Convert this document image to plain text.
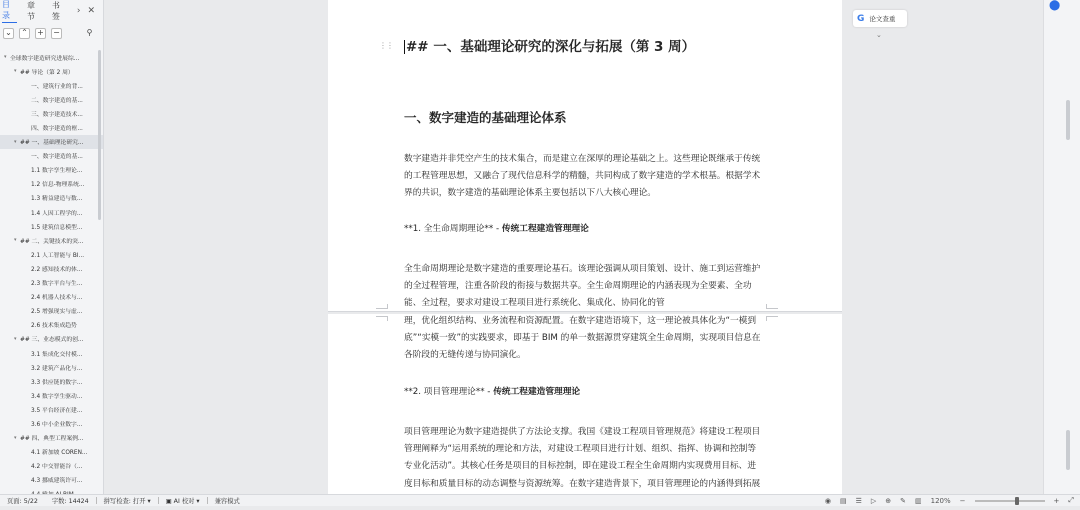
目录
章节
书签
› ✕
⌄ ⌃ + −	⚲
▾ 全球数字建造研究进展综...
▾ ## 导论（第 2 周）
一、建筑行业的背...
二、数字建造的基...
三、数字建造技术...
四、数字建造的框...
▾ ## 一、基础理论研究...
一、数字建造的基...
1.1 数字孪生理论...
1.2 信息-物理系统...
1.3 精益建造与数...
1.4 人因工程学的...
1.5 建筑信息模型...
▾ ## 二、关键技术的突...
2.1 人工智能与 BI...
2.2 感知技术的体...
2.3 数字平台与生...
2.4 机器人技术与...
2.5 增强现实与虚...
2.6 技术集成趋势
▾ ## 三、业态模式的创...
3.1 集成化交付模...
3.2 建筑产品化与...
3.3 供应链的数字...
3.4 数字孪生驱动...
3.5 平台经济在建...
3.6 中小企业数字...
▾ ## 四、典型工程案例...
4.1 新加坡 COREN...
4.2 中交智能谷（...
4.3 挪威建筑许可...
⋮⋮ ## 一、基础理论研究的深化与拓展（第 3 周）
一、数字建造的基础理论体系
数字建造并非凭空产生的技术集合，而是建立在深厚的理论基础之上。这些理论既继承于传统的工程管理思想，又融合了现代信息科学的精髓，共同构成了数字建造的学术根基。根据学术界的共识，数字建造的基础理论体系主要包括以下八大核心理论。
**1. 全生命周期理论** - 传统工程建造管理理论
全生命周期理论是数字建造的重要理论基石。该理论强调从项目策划、设计、施工到运营维护的全过程管理，注重各阶段的衔接与数据共享。全生命周期理论的内涵表现为全要素、全功能、全过程，要求对建设工程项目进行系统化、集成化、协同化的管
理，优化组织结构、业务流程和资源配置。在数字建造语境下，这一理论被具体化为“一模到底”“实模一致”的实践要求，即基于 BIM 的单一数据源贯穿建筑全生命周期，实现项目信息在各阶段的无缝传递与协同演化。
**2. 项目管理理论** - 传统工程建造管理理论
项目管理理论为数字建造提供了方法论支撑。我国《建设工程项目管理规范》将建设工程项目管理阐释为“运用系统的理论和方法，对建设工程项目进行计划、组织、指挥、协调和控制等专业化活动”。其核心任务是项目的目标控制，即在建设工程全生命周期内实现费用目标、进度目标和质量目标的动态调整与资源统筹。在数字建造背景下，项目管理理论的内涵得到拓展
G 论文查重
⌄
⬤
页面: 5/22	字数: 14424	拼写检查: 打开 ▾	▣ AI 校对 ▾	兼容模式	◉ ▤ ☰ ▷ ⊕ ✎ ▥ 120% −	+ ⤢
